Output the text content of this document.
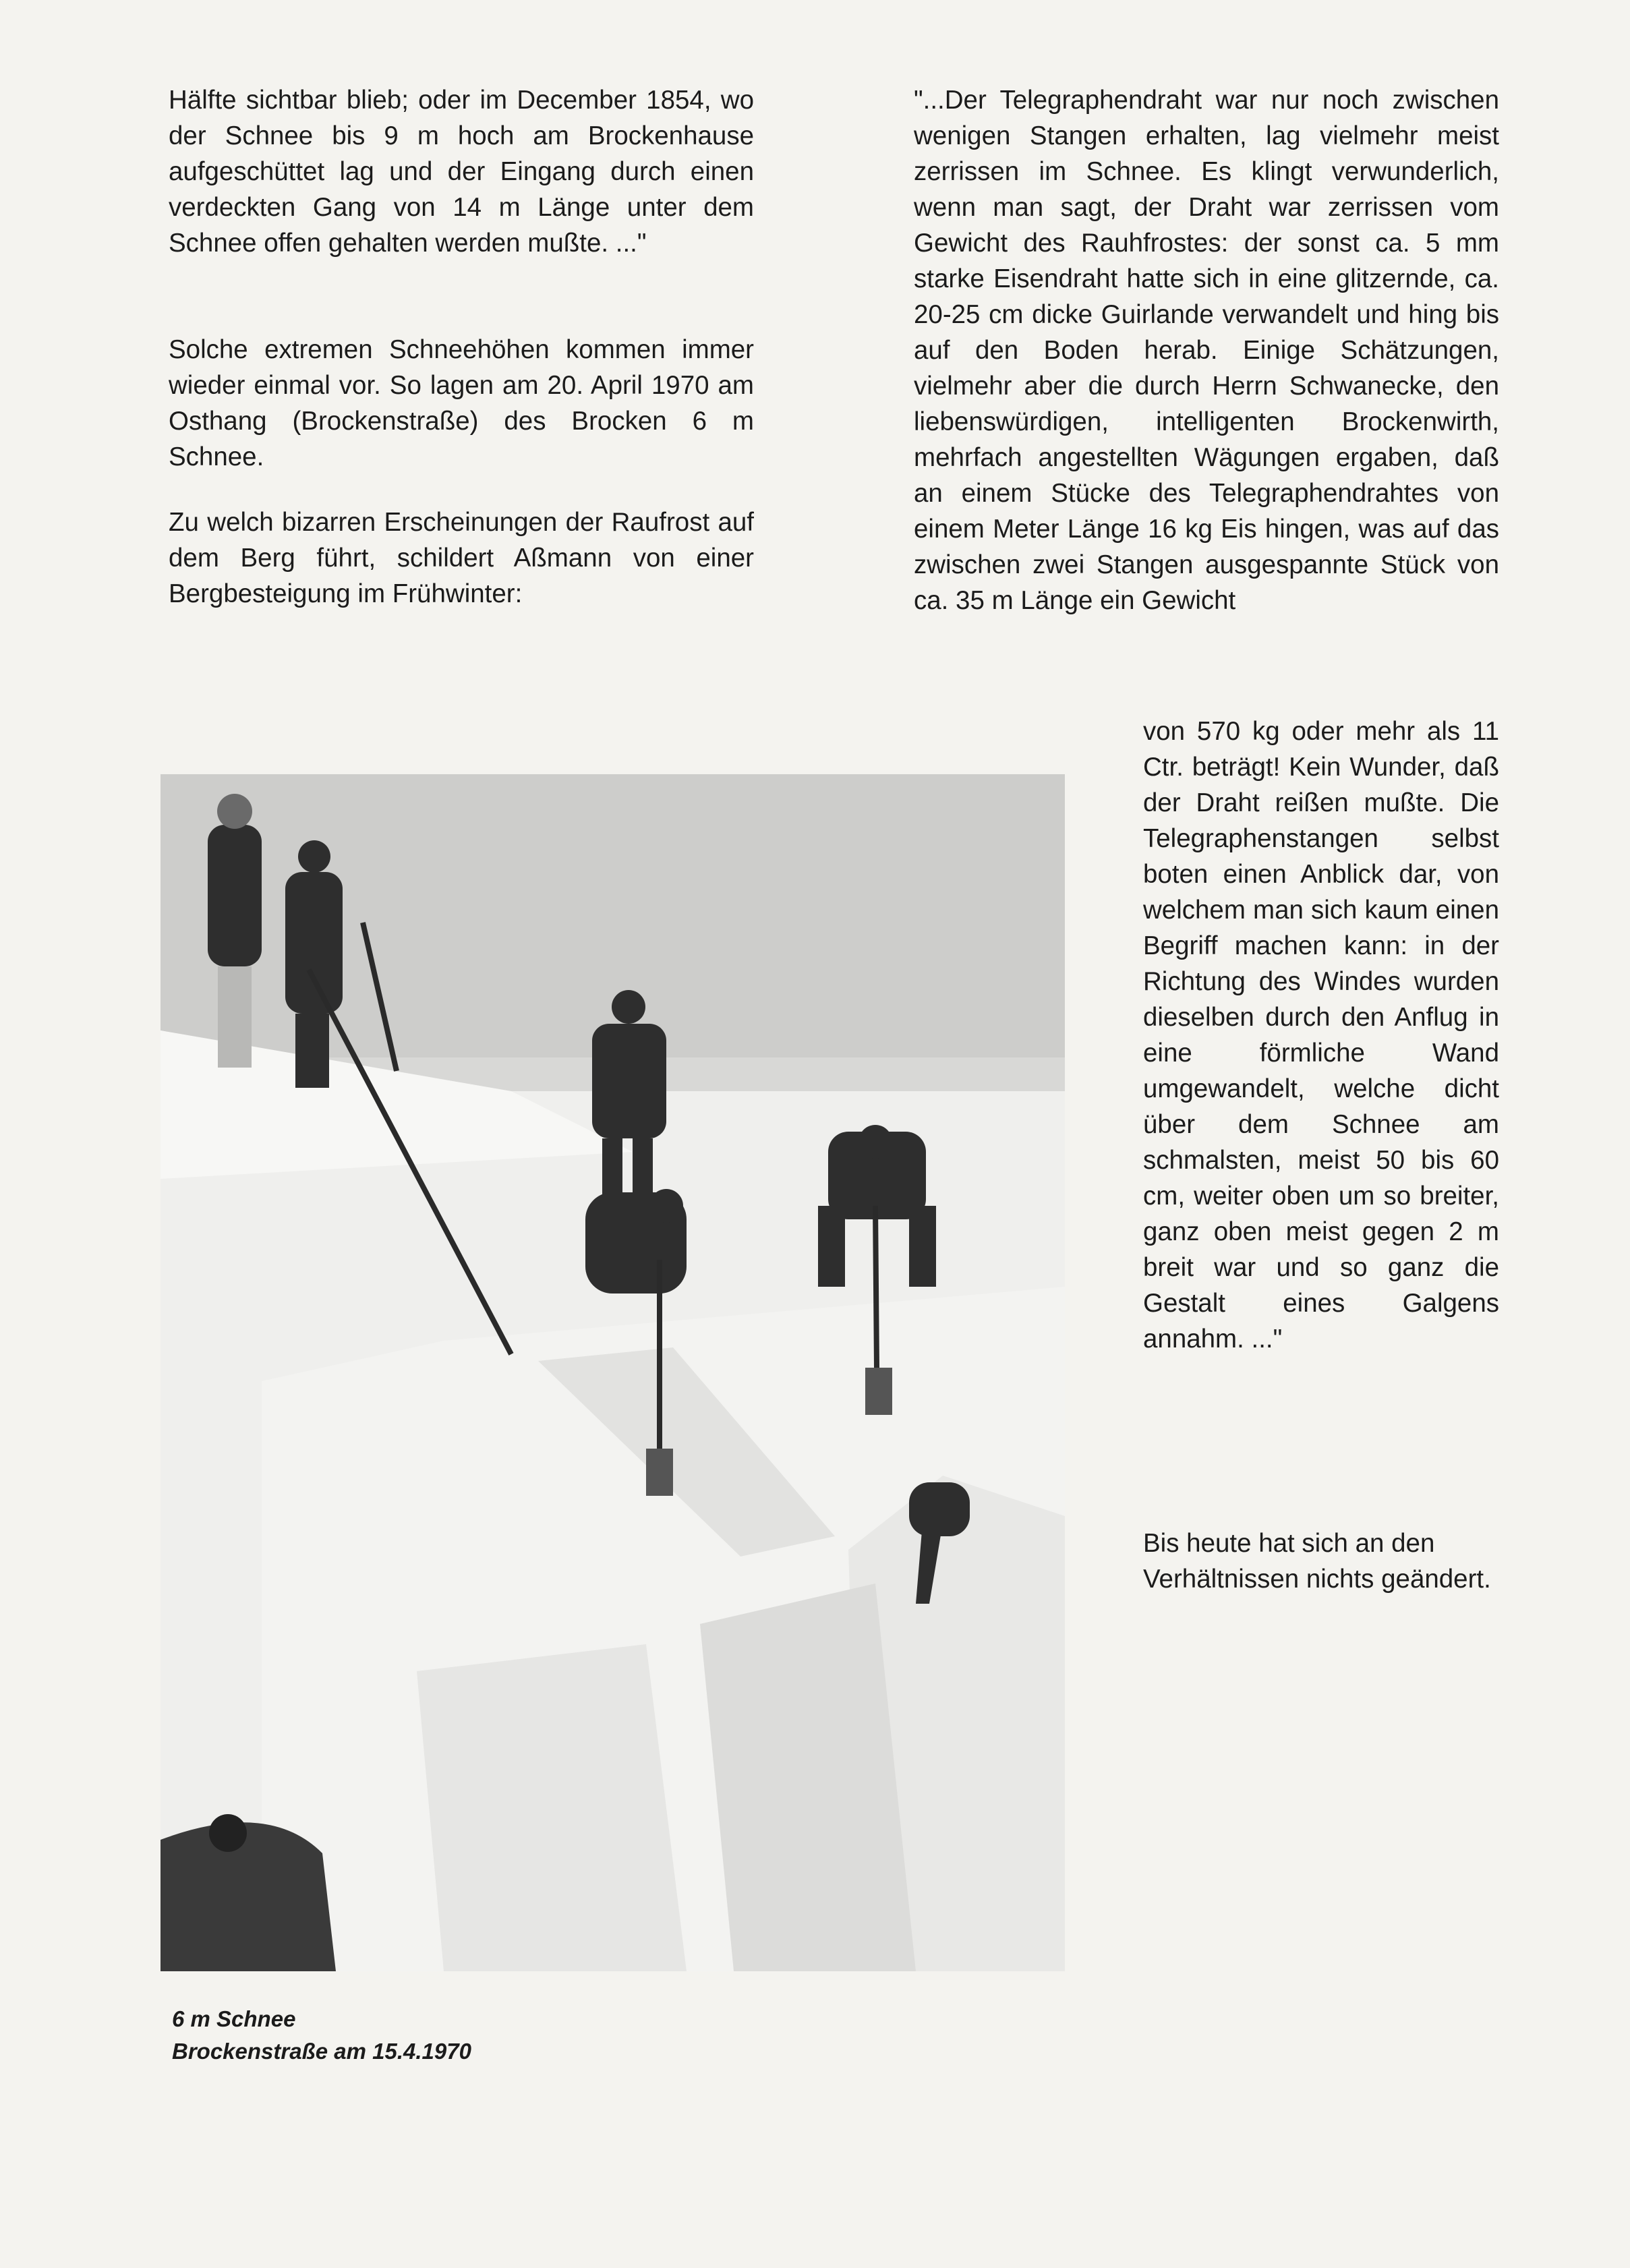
Hälfte sichtbar blieb; oder im December 1854, wo der Schnee bis 9 m hoch am Brockenhause aufgeschüttet lag und der Eingang durch einen verdeckten Gang von 14 m Länge unter dem Schnee offen gehalten werden mußte. ..."

Solche extremen Schneehöhen kommen immer wieder einmal vor. So lagen am 20. April 1970 am Osthang (Brockenstraße) des Brocken 6 m Schnee.

Zu welch bizarren Erscheinungen der Raufrost auf dem Berg führt, schildert Aßmann von einer Bergbesteigung im Frühwinter:

"...Der Telegraphendraht war nur noch zwischen wenigen Stangen erhalten, lag vielmehr meist zerrissen im Schnee. Es klingt verwunderlich, wenn man sagt, der Draht war zerrissen vom Gewicht des Rauhfrostes: der sonst ca. 5 mm starke Eisendraht hatte sich in eine glitzernde, ca. 20-25 cm dicke Guirlande verwandelt und hing bis auf den Boden herab. Einige Schätzungen, vielmehr aber die durch Herrn Schwanecke, den liebenswürdigen, intelligenten Brockenwirth, mehrfach angestellten Wägungen ergaben, daß an einem Stücke des Telegraphendrahtes von einem Meter Länge 16 kg Eis hingen, was auf das zwischen zwei Stangen ausgespannte Stück von ca. 35 m Länge ein Gewicht

von 570 kg oder mehr als 11 Ctr. beträgt! Kein Wunder, daß der Draht reißen mußte. Die Telegraphenstangen selbst boten einen Anblick dar, von welchem man sich kaum einen Begriff machen kann: in der Richtung des Windes wurden dieselben durch den Anflug in eine förmliche Wand umgewandelt, welche dicht über dem Schnee am schmalsten, meist 50 bis 60 cm, weiter oben um so breiter, ganz oben meist gegen 2 m breit war und so ganz die Gestalt eines Galgens annahm. ..."

Bis heute hat sich an den Verhältnissen nichts geändert.

6 m Schnee
Brockenstraße am 15.4.1970
